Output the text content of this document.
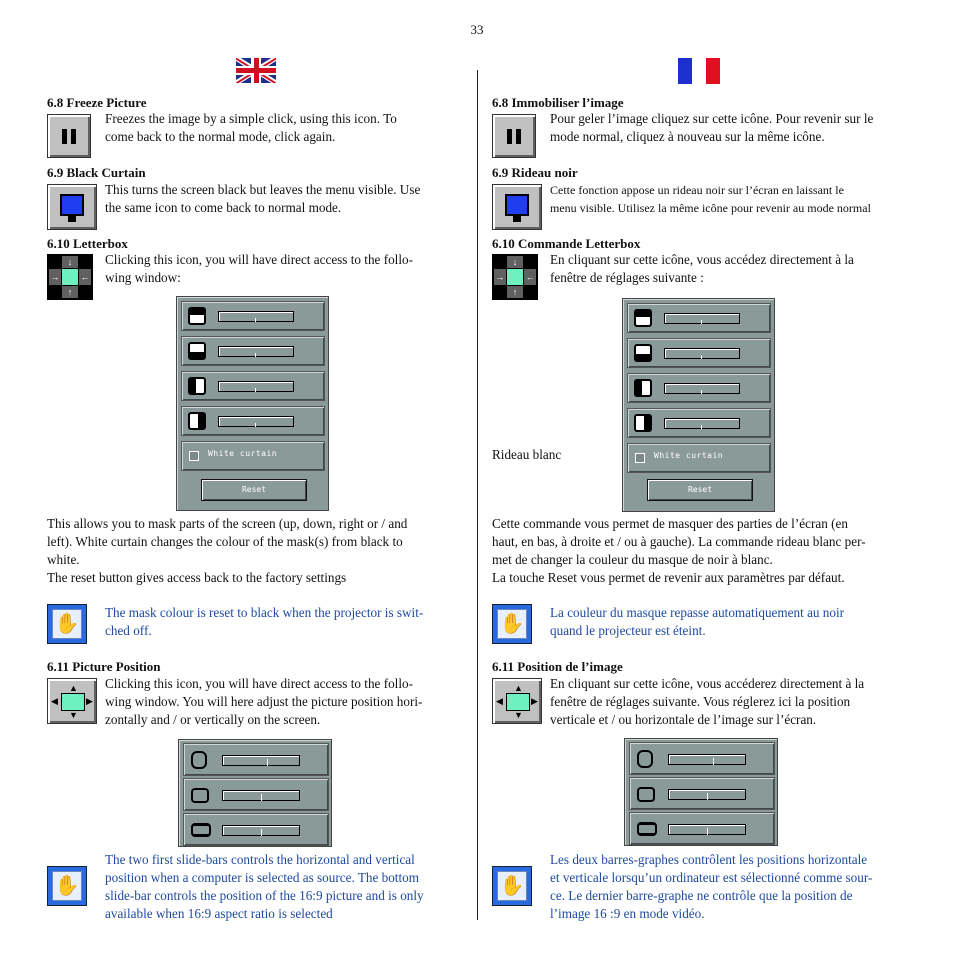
33
6.8 Freeze Picture
Freezes the image by a simple click, using this icon. To
come back to the normal mode, click again.
6.9 Black Curtain
This turns the screen black but leaves the menu visible. Use
the same icon to come back to normal mode.
6.10 Letterbox
↓
↑
→ ←
Clicking this icon, you will have direct access to the follo-
wing window:
White curtain
Reset
This allows you to mask parts of the screen (up, down, right or / and
left). White curtain changes the colour of the mask(s) from black to
white.
The reset button gives access back to the factory settings
✋
The mask colour is reset to black when the projector is swit-
ched off.
6.11 Picture Position
▲
▼
◀	▶
Clicking this icon, you will have direct access to the follo-
wing window. You will here adjust the picture position hori-
zontally and / or vertically on the screen.
✋
The two first slide-bars controls the horizontal and vertical
position when a computer is selected as source. The bottom
slide-bar controls the position of the 16:9 picture and is only
available when 16:9 aspect ratio is selected
6.8 Immobiliser l’image
Pour geler l’image cliquez sur cette icône. Pour revenir sur le
mode normal, cliquez à nouveau sur la même icône.
6.9 Rideau noir
Cette fonction appose un rideau noir sur l’écran en laissant le
menu visible. Utilisez la même icône pour revenir au mode normal
6.10 Commande Letterbox
↓
↑
→ ←
En cliquant sur cette icône, vous accédez directement à la
fenêtre de réglages suivante :
Rideau blanc	White curtain
Reset
Cette commande vous permet de masquer des parties de l’écran (en
haut, en bas, à droite et / ou à gauche). La commande rideau blanc per-
met de changer la couleur du masque de noir à blanc.
La touche Reset vous permet de revenir aux paramètres par défaut.
✋
La couleur du masque repasse automatiquement au noir
quand le projecteur est éteint.
6.11 Position de l’image
▲
▼
◀	▶
En cliquant sur cette icône, vous accéderez directement à la
fenêtre de réglages suivante. Vous réglerez ici la position
verticale et / ou horizontale de l’image sur l’écran.
✋
Les deux barres-graphes contrôlent les positions horizontale
et verticale lorsqu’un ordinateur est sélectionné comme sour-
ce. Le dernier barre-graphe ne contrôle que la position de
l’image 16 :9 en mode vidéo.
